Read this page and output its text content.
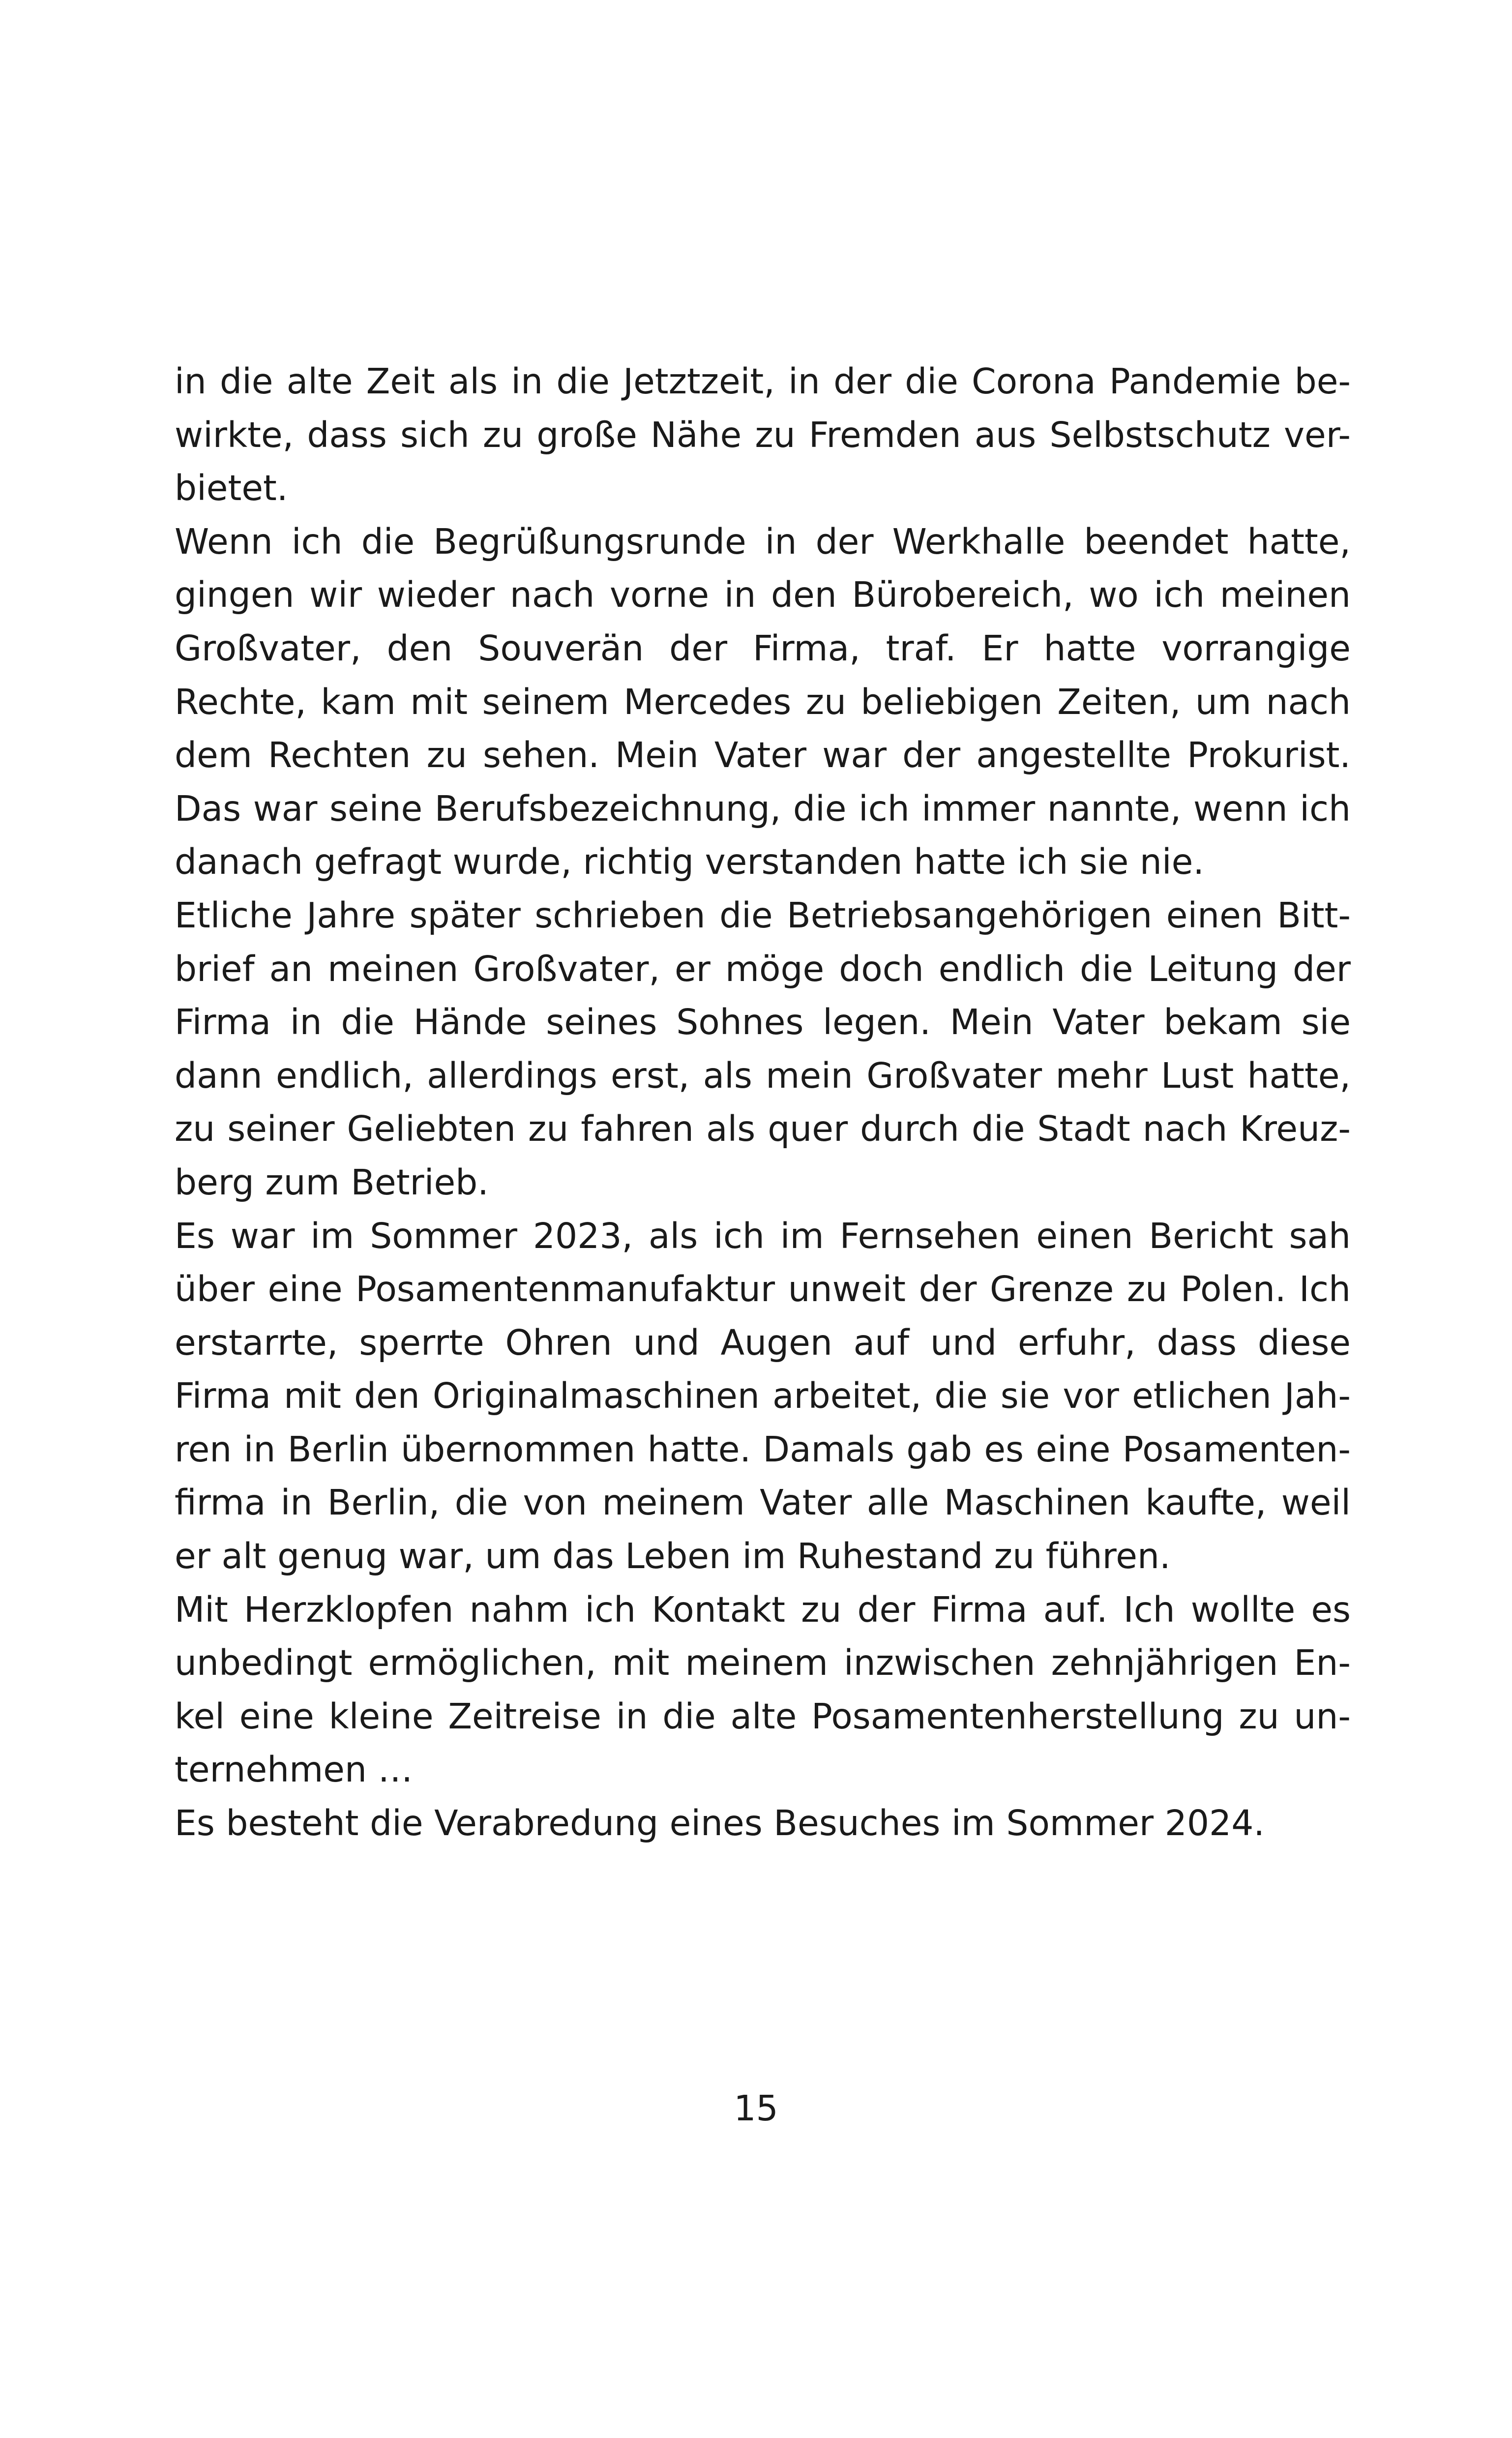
in die alte Zeit als in die Jetztzeit, in der die Corona Pandemie be-
wirkte, dass sich zu große Nähe zu Fremden aus Selbstschutz ver-
bietet.
Wenn ich die Begrüßungsrunde in der Werkhalle beendet hatte,
gingen wir wieder nach vorne in den Bürobereich, wo ich meinen
Großvater, den Souverän der Firma, traf. Er hatte vorrangige
Rechte, kam mit seinem Mercedes zu beliebigen Zeiten, um nach
dem Rechten zu sehen. Mein Vater war der angestellte Prokurist.
Das war seine Berufsbezeichnung, die ich immer nannte, wenn ich
danach gefragt wurde, richtig verstanden hatte ich sie nie.
Etliche Jahre später schrieben die Betriebsangehörigen einen Bitt-
brief an meinen Großvater, er möge doch endlich die Leitung der
Firma in die Hände seines Sohnes legen. Mein Vater bekam sie
dann endlich, allerdings erst, als mein Großvater mehr Lust hatte,
zu seiner Geliebten zu fahren als quer durch die Stadt nach Kreuz-
berg zum Betrieb.
Es war im Sommer 2023, als ich im Fernsehen einen Bericht sah
über eine Posamentenmanufaktur unweit der Grenze zu Polen. Ich
erstarrte, sperrte Ohren und Augen auf und erfuhr, dass diese
Firma mit den Originalmaschinen arbeitet, die sie vor etlichen Jah-
ren in Berlin übernommen hatte. Damals gab es eine Posamenten-
firma in Berlin, die von meinem Vater alle Maschinen kaufte, weil
er alt genug war, um das Leben im Ruhestand zu führen.
Mit Herzklopfen nahm ich Kontakt zu der Firma auf. Ich wollte es
unbedingt ermöglichen, mit meinem inzwischen zehnjährigen En-
kel eine kleine Zeitreise in die alte Posamentenherstellung zu un-
ternehmen …
Es besteht die Verabredung eines Besuches im Sommer 2024.
15
